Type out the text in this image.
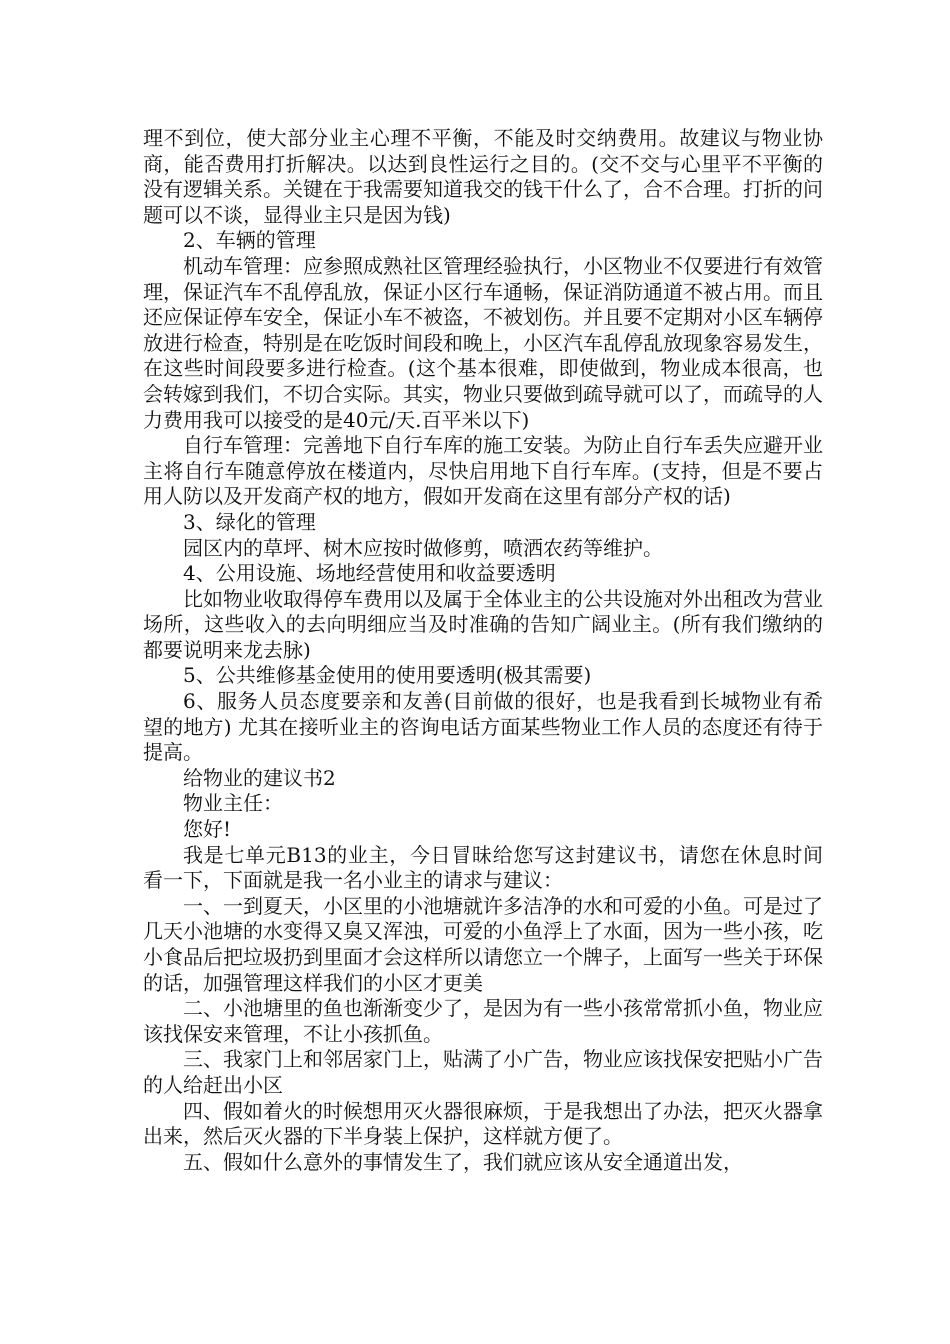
理不到位，使大部分业主心理不平衡，不能及时交纳费用。故建议与物业协商，能否费用打折解决。以达到良性运行之目的。(交不交与心里平不平衡的没有逻辑关系。关键在于我需要知道我交的钱干什么了，合不合理。打折的问题可以不谈，显得业主只是因为钱)

2、车辆的管理

机动车管理：应参照成熟社区管理经验执行，小区物业不仅要进行有效管理，保证汽车不乱停乱放，保证小区行车通畅，保证消防通道不被占用。而且还应保证停车安全，保证小车不被盗，不被划伤。并且要不定期对小区车辆停放进行检查，特别是在吃饭时间段和晚上，小区汽车乱停乱放现象容易发生，在这些时间段要多进行检查。(这个基本很难，即使做到，物业成本很高，也会转嫁到我们，不切合实际。其实，物业只要做到疏导就可以了，而疏导的人力费用我可以接受的是40元/天.百平米以下)

自行车管理：完善地下自行车库的施工安装。为防止自行车丢失应避开业主将自行车随意停放在楼道内，尽快启用地下自行车库。(支持，但是不要占用人防以及开发商产权的地方，假如开发商在这里有部分产权的话)

3、绿化的管理

园区内的草坪、树木应按时做修剪，喷洒农药等维护。

4、公用设施、场地经营使用和收益要透明

比如物业收取得停车费用以及属于全体业主的公共设施对外出租改为营业场所，这些收入的去向明细应当及时准确的告知广阔业主。(所有我们缴纳的都要说明来龙去脉)

5、公共维修基金使用的使用要透明(极其需要)

6、服务人员态度要亲和友善(目前做的很好，也是我看到长城物业有希望的地方) 尤其在接听业主的咨询电话方面某些物业工作人员的态度还有待于提高。

给物业的建议书2

物业主任：

您好!

我是七单元B13的业主，今日冒昧给您写这封建议书，请您在休息时间看一下，下面就是我一名小业主的请求与建议：

一、一到夏天，小区里的小池塘就许多洁净的水和可爱的小鱼。可是过了几天小池塘的水变得又臭又浑浊，可爱的小鱼浮上了水面，因为一些小孩，吃小食品后把垃圾扔到里面才会这样所以请您立一个牌子，上面写一些关于环保的话，加强管理这样我们的小区才更美

二、小池塘里的鱼也渐渐变少了，是因为有一些小孩常常抓小鱼，物业应该找保安来管理，不让小孩抓鱼。

三、我家门上和邻居家门上，贴满了小广告，物业应该找保安把贴小广告的人给赶出小区

四、假如着火的时候想用灭火器很麻烦，于是我想出了办法，把灭火器拿出来，然后灭火器的下半身装上保护，这样就方便了。

五、假如什么意外的事情发生了，我们就应该从安全通道出发，
